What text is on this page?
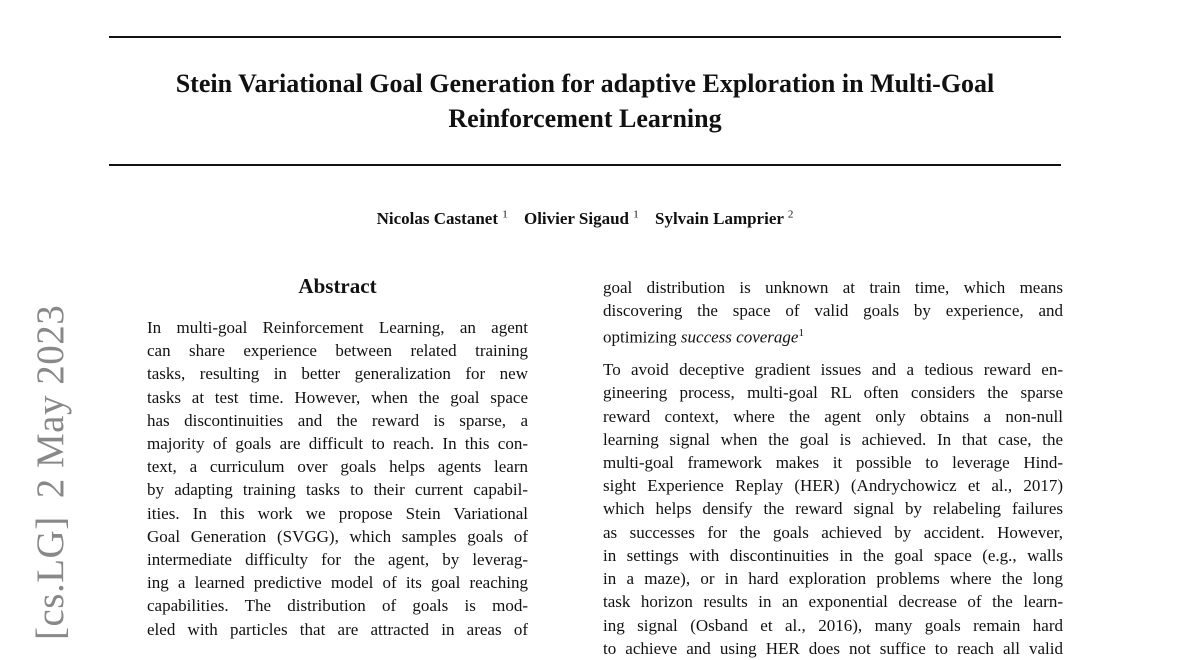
Stein Variational Goal Generation for adaptive Exploration in Multi-Goal
Reinforcement Learning
Nicolas Castanet $^1$ Olivier Sigaud $^1$ Sylvain Lamprier $^2$
[cs.LG]2 May 2023
Abstract
In multi-goal Reinforcement Learning, an agent
can share experience between related training
tasks, resulting in better generalization for new
tasks at test time. However, when the goal space
has discontinuities and the reward is sparse, a
majority of goals are difficult to reach. In this con-
text, a curriculum over goals helps agents learn
by adapting training tasks to their current capabil-
ities. In this work we propose Stein Variational
Goal Generation (SVGG), which samples goals of
intermediate difficulty for the agent, by leverag-
ing a learned predictive model of its goal reaching
capabilities. The distribution of goals is mod-
eled with particles that are attracted in areas of
goal distribution is unknown at train time, which means
discovering the space of valid goals by experience, and
optimizing success coverage$^1$
To avoid deceptive gradient issues and a tedious reward en-
gineering process, multi-goal RL often considers the sparse
reward context, where the agent only obtains a non-null
learning signal when the goal is achieved. In that case, the
multi-goal framework makes it possible to leverage Hind-
sight Experience Replay (HER) (Andrychowicz et al., 2017)
which helps densify the reward signal by relabeling failures
as successes for the goals achieved by accident. However,
in settings with discontinuities in the goal space (e.g., walls
in a maze), or in hard exploration problems where the long
task horizon results in an exponential decrease of the learn-
ing signal (Osband et al., 2016), many goals remain hard
to achieve and using HER does not suffice to reach all valid
